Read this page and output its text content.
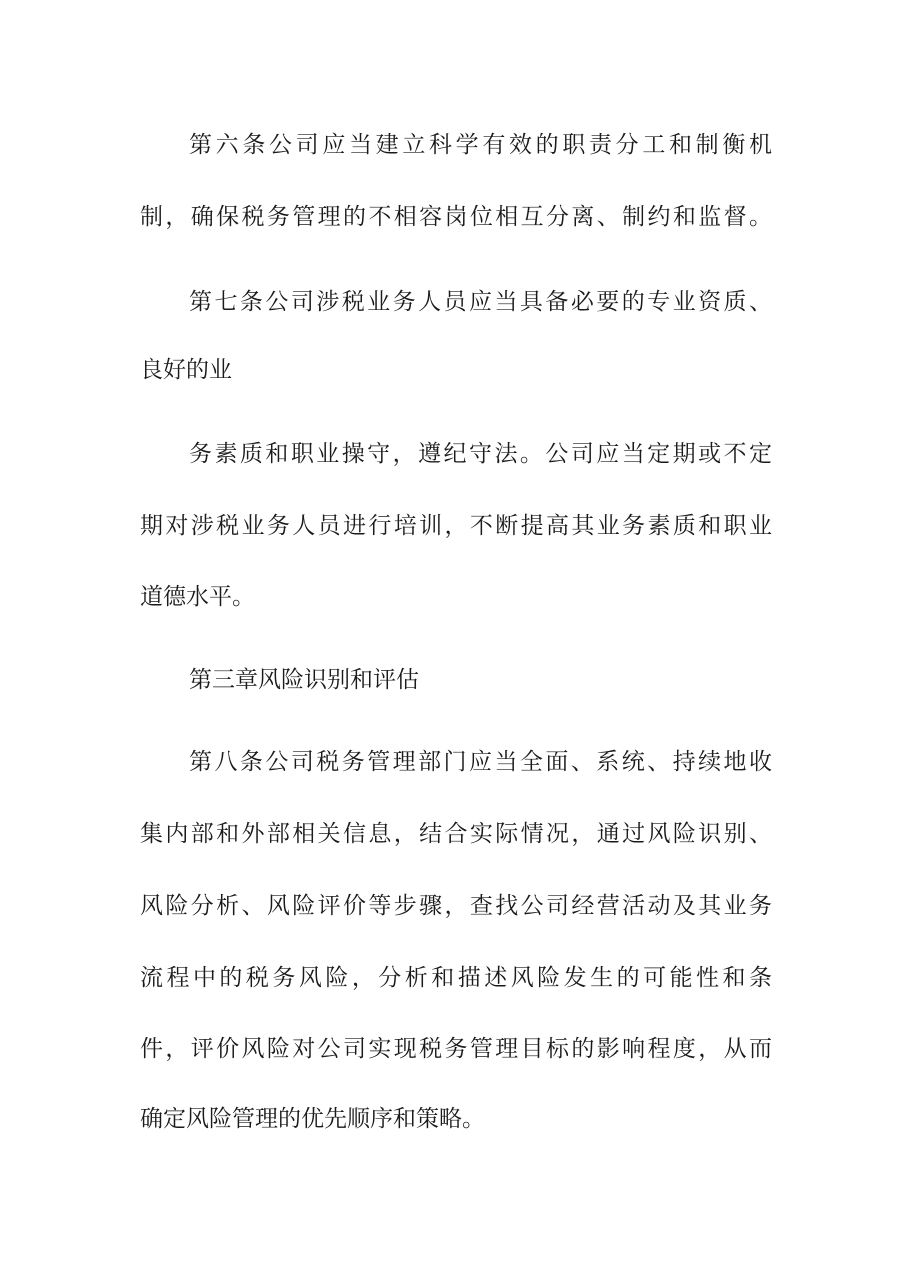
第六条公司应当建立科学有效的职责分工和制衡机
制，确保税务管理的不相容岗位相互分离、制约和监督。
第七条公司涉税业务人员应当具备必要的专业资质、
良好的业
务素质和职业操守，遵纪守法。公司应当定期或不定
期对涉税业务人员进行培训，不断提高其业务素质和职业
道德水平。
第三章风险识别和评估
第八条公司税务管理部门应当全面、系统、持续地收
集内部和外部相关信息，结合实际情况，通过风险识别、
风险分析、风险评价等步骤，查找公司经营活动及其业务
流程中的税务风险，分析和描述风险发生的可能性和条
件，评价风险对公司实现税务管理目标的影响程度，从而
确定风险管理的优先顺序和策略。
